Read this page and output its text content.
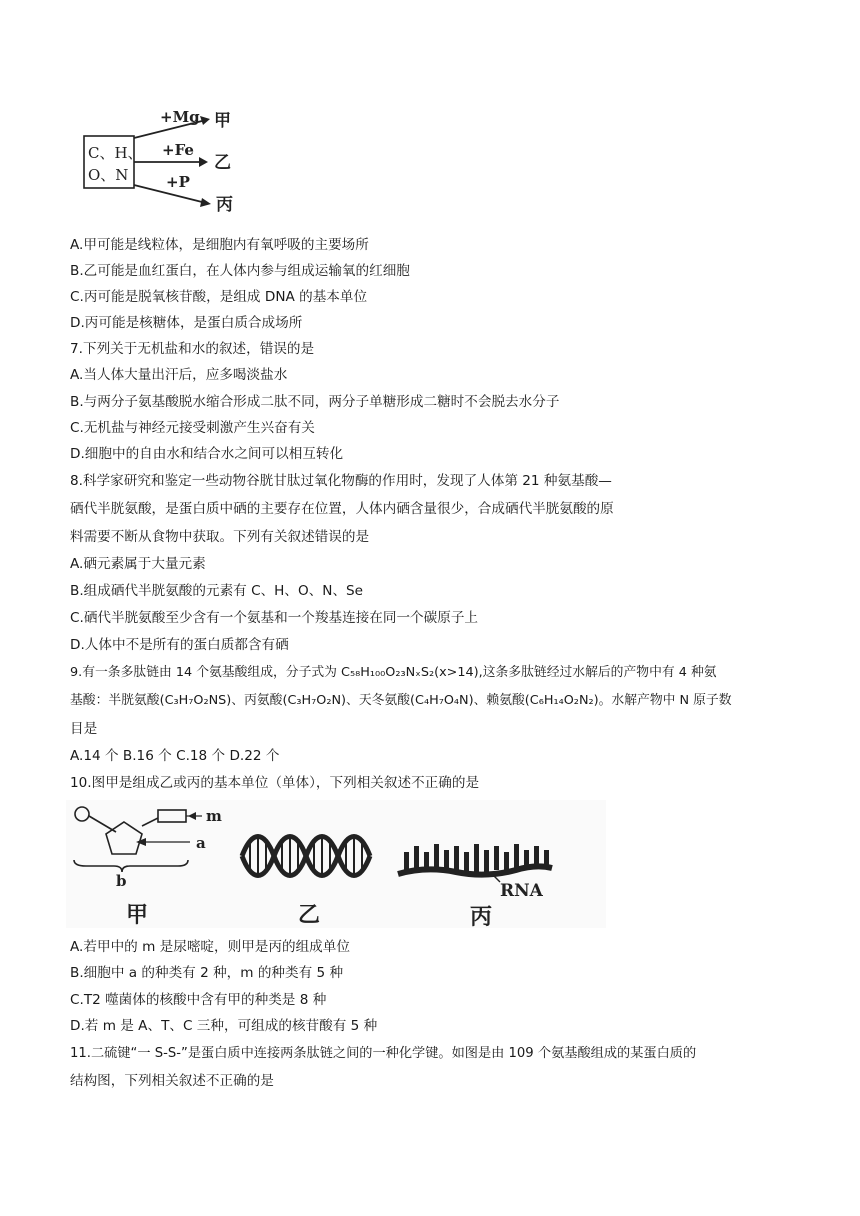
C、H、
O、N
+Mg 甲
+Fe
乙
+P
丙
A.甲可能是线粒体，是细胞内有氧呼吸的主要场所
B.乙可能是血红蛋白，在人体内参与组成运输氧的红细胞
C.丙可能是脱氧核苷酸，是组成 DNA 的基本单位
D.丙可能是核糖体，是蛋白质合成场所
7.下列关于无机盐和水的叙述，错误的是
A.当人体大量出汗后，应多喝淡盐水
B.与两分子氨基酸脱水缩合形成二肽不同，两分子单糖形成二糖时不会脱去水分子
C.无机盐与神经元接受刺激产生兴奋有关
D.细胞中的自由水和结合水之间可以相互转化
8.科学家研究和鉴定一些动物谷胱甘肽过氧化物酶的作用时，发现了人体第 21 种氨基酸—
硒代半胱氨酸，是蛋白质中硒的主要存在位置，人体内硒含量很少，合成硒代半胱氨酸的原
料需要不断从食物中获取。下列有关叙述错误的是
A.硒元素属于大量元素
B.组成硒代半胱氨酸的元素有 C、H、O、N、Se
C.硒代半胱氨酸至少含有一个氨基和一个羧基连接在同一个碳原子上
D.人体中不是所有的蛋白质都含有硒
9.有一条多肽链由 14 个氨基酸组成，分子式为 C₅₈H₁₀₀O₂₃NₓS₂(x>14),这条多肽链经过水解后的产物中有 4 种氨
基酸：半胱氨酸(C₃H₇O₂NS)、丙氨酸(C₃H₇O₂N)、天冬氨酸(C₄H₇O₄N)、赖氨酸(C₆H₁₄O₂N₂)。水解产物中 N 原子数
目是
A.14 个 B.16 个 C.18 个 D.22 个
10.图甲是组成乙或丙的基本单位（单体），下列相关叙述不正确的是
m
a
b
甲	乙
RNA
丙
A.若甲中的 m 是尿嘧啶，则甲是丙的组成单位
B.细胞中 a 的种类有 2 种，m 的种类有 5 种
C.T2 噬菌体的核酸中含有甲的种类是 8 种
D.若 m 是 A、T、C 三种，可组成的核苷酸有 5 种
11.二硫键“一 S-S-”是蛋白质中连接两条肽链之间的一种化学键。如图是由 109 个氨基酸组成的某蛋白质的
结构图，下列相关叙述不正确的是
